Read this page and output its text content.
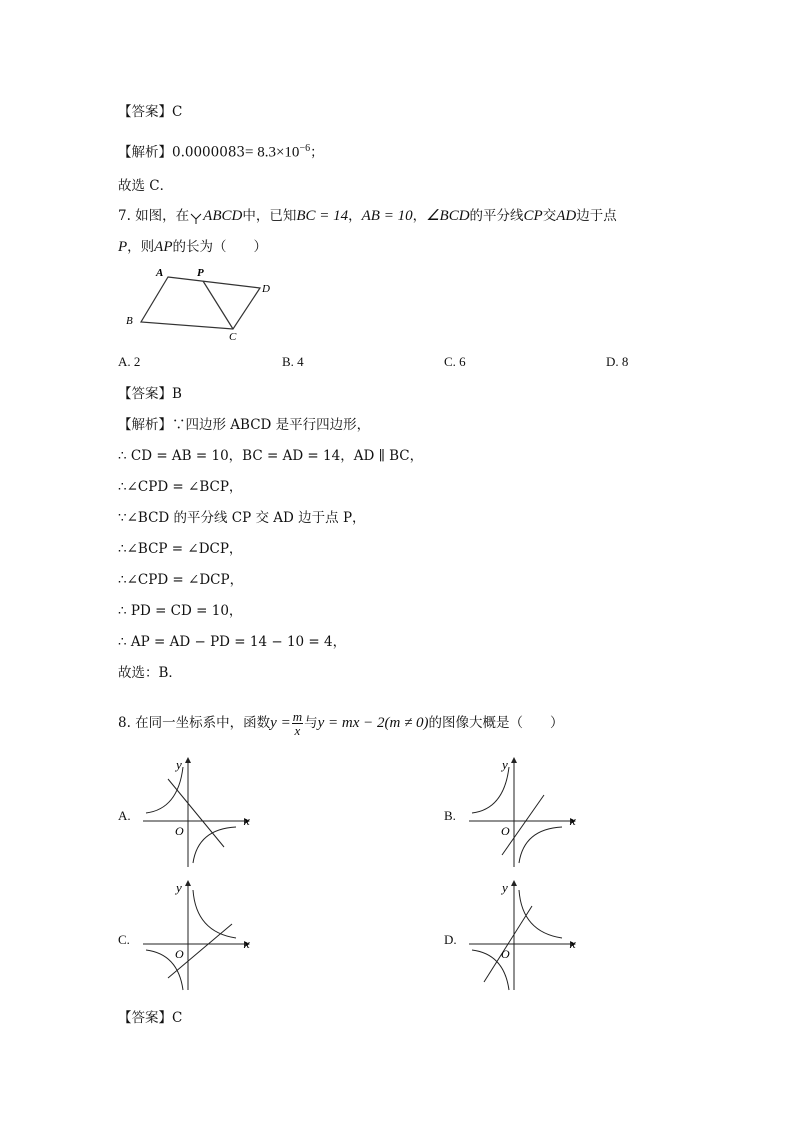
【答案】C
【解析】$0.0000083= 8.3\times 10^{-6}$；
故选 C．
7. 如图，在 ABCD中，已知BC = 14，AB = 10，∠BCD的平分线CP交AD边于点
P，则AP的长为（　　）
A	P
D
B
C
A. 2	B. 4	C. 6	D. 8
【答案】B
【解析】∵四边形 ABCD 是平行四边形，
∴ CD = AB = 10，BC = AD = 14，AD ∥ BC，
∴∠CPD = ∠BCP，
∵∠BCD 的平分线 CP 交 AD 边于点 P，
∴∠BCP = ∠DCP，
∴∠CPD = ∠DCP，
∴ PD = CD = 10，
∴ AP = AD − PD = 14 − 10 = 4，
故选：B．
8. 在同一坐标系中，函数$y = \frac{m}{x}$ 与y = mx − 2(m ≠ 0)的图像大概是（　　）
A.	x
y
O
B.	x
y
O
C.	x
y
O
D.	x
y
O
【答案】C
